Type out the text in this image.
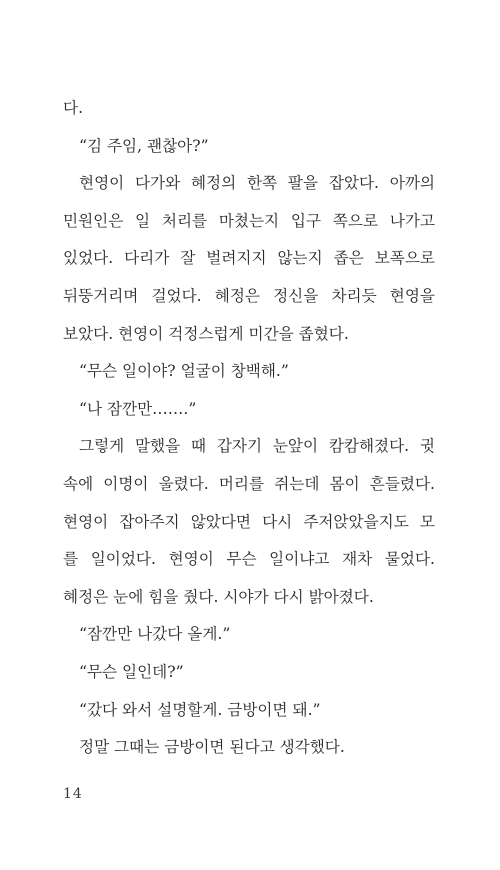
다.
“김 주임, 괜찮아?”
현영이 다가와 혜정의 한쪽 팔을 잡았다. 아까의
민원인은 일 처리를 마쳤는지 입구 쪽으로 나가고
있었다. 다리가 잘 벌려지지 않는지 좁은 보폭으로
뒤뚱거리며 걸었다. 혜정은 정신을 차리듯 현영을
보았다. 현영이 걱정스럽게 미간을 좁혔다.
“무슨 일이야? 얼굴이 창백해.”
“나 잠깐만…….”
그렇게 말했을 때 갑자기 눈앞이 캄캄해졌다. 귓
속에 이명이 울렸다. 머리를 쥐는데 몸이 흔들렸다.
현영이 잡아주지 않았다면 다시 주저앉았을지도 모
를 일이었다. 현영이 무슨 일이냐고 재차 물었다.
혜정은 눈에 힘을 줬다. 시야가 다시 밝아졌다.
“잠깐만 나갔다 올게.”
“무슨 일인데?”
“갔다 와서 설명할게. 금방이면 돼.”
정말 그때는 금방이면 된다고 생각했다.
14
